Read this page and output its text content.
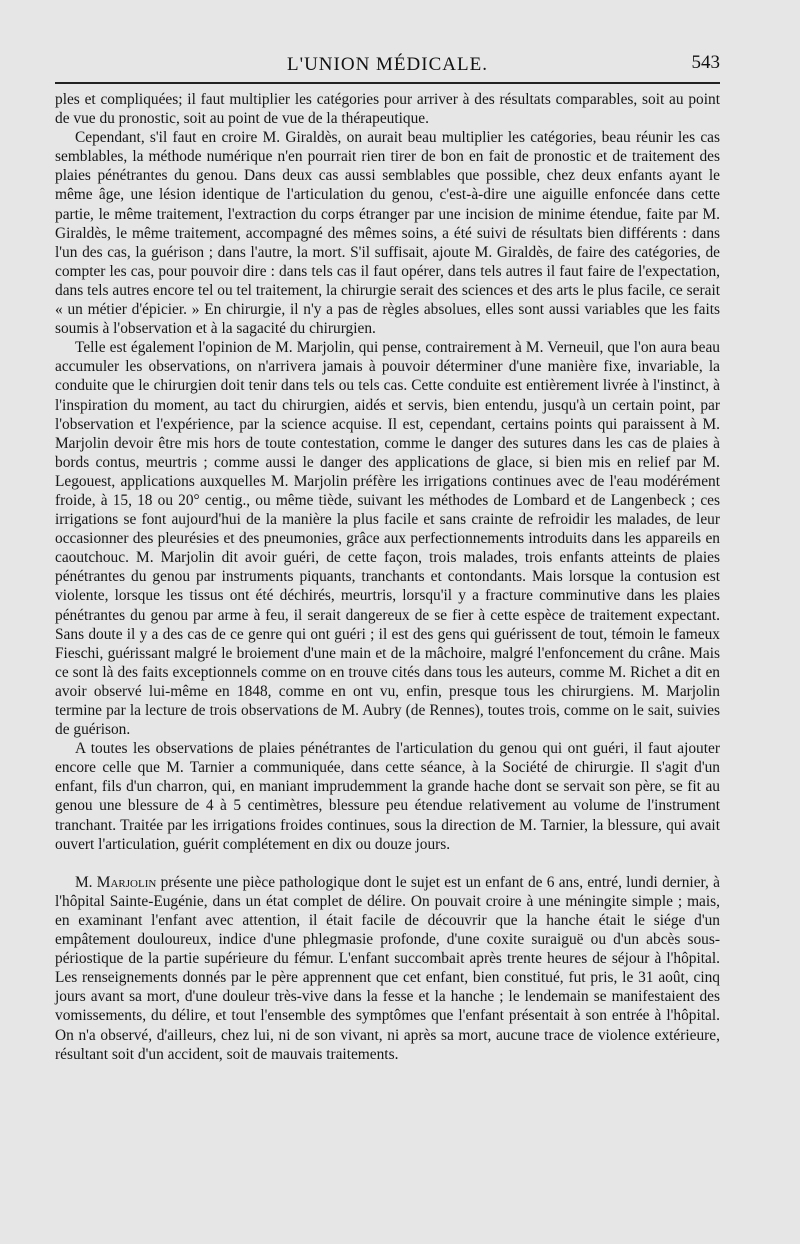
L'UNION MÉDICALE.	543

ples et compliquées; il faut multiplier les catégories pour arriver à des résultats comparables, soit au point de vue du pronostic, soit au point de vue de la thérapeutique.

Cependant, s'il faut en croire M. Giraldès, on aurait beau multiplier les catégories, beau réunir les cas semblables, la méthode numérique n'en pourrait rien tirer de bon en fait de pronostic et de traitement des plaies pénétrantes du genou. Dans deux cas aussi semblables que possible, chez deux enfants ayant le même âge, une lésion identique de l'articulation du genou, c'est-à-dire une aiguille enfoncée dans cette partie, le même traitement, l'extraction du corps étranger par une incision de minime étendue, faite par M. Giraldès, le même traitement, accompagné des mêmes soins, a été suivi de résultats bien différents : dans l'un des cas, la guérison ; dans l'autre, la mort. S'il suffisait, ajoute M. Giraldès, de faire des catégories, de compter les cas, pour pouvoir dire : dans tels cas il faut opérer, dans tels autres il faut faire de l'expectation, dans tels autres encore tel ou tel traitement, la chirurgie serait des sciences et des arts le plus facile, ce serait « un métier d'épicier. » En chirurgie, il n'y a pas de règles absolues, elles sont aussi variables que les faits soumis à l'observation et à la sagacité du chirurgien.

Telle est également l'opinion de M. Marjolin, qui pense, contrairement à M. Verneuil, que l'on aura beau accumuler les observations, on n'arrivera jamais à pouvoir déterminer d'une manière fixe, invariable, la conduite que le chirurgien doit tenir dans tels ou tels cas. Cette conduite est entièrement livrée à l'instinct, à l'inspiration du moment, au tact du chirurgien, aidés et servis, bien entendu, jusqu'à un certain point, par l'observation et l'expérience, par la science acquise. Il est, cependant, certains points qui paraissent à M. Marjolin devoir être mis hors de toute contestation, comme le danger des sutures dans les cas de plaies à bords contus, meurtris ; comme aussi le danger des applications de glace, si bien mis en relief par M. Legouest, applications auxquelles M. Marjolin préfère les irrigations continues avec de l'eau modérément froide, à 15, 18 ou 20° centig., ou même tiède, suivant les méthodes de Lombard et de Langenbeck ; ces irrigations se font aujourd'hui de la manière la plus facile et sans crainte de refroidir les malades, de leur occasionner des pleurésies et des pneumonies, grâce aux perfectionnements introduits dans les appareils en caoutchouc. M. Marjolin dit avoir guéri, de cette façon, trois malades, trois enfants atteints de plaies pénétrantes du genou par instruments piquants, tranchants et contondants. Mais lorsque la contusion est violente, lorsque les tissus ont été déchirés, meurtris, lorsqu'il y a fracture comminutive dans les plaies pénétrantes du genou par arme à feu, il serait dangereux de se fier à cette espèce de traitement expectant. Sans doute il y a des cas de ce genre qui ont guéri ; il est des gens qui guérissent de tout, témoin le fameux Fieschi, guérissant malgré le broiement d'une main et de la mâchoire, malgré l'enfoncement du crâne. Mais ce sont là des faits exceptionnels comme on en trouve cités dans tous les auteurs, comme M. Richet a dit en avoir observé lui-même en 1848, comme en ont vu, enfin, presque tous les chirurgiens. M. Marjolin termine par la lecture de trois observations de M. Aubry (de Rennes), toutes trois, comme on le sait, suivies de guérison.

A toutes les observations de plaies pénétrantes de l'articulation du genou qui ont guéri, il faut ajouter encore celle que M. Tarnier a communiquée, dans cette séance, à la Société de chirurgie. Il s'agit d'un enfant, fils d'un charron, qui, en maniant imprudemment la grande hache dont se servait son père, se fit au genou une blessure de 4 à 5 centimètres, blessure peu étendue relativement au volume de l'instrument tranchant. Traitée par les irrigations froides continues, sous la direction de M. Tarnier, la blessure, qui avait ouvert l'articulation, guérit complétement en dix ou douze jours.

M. Marjolin présente une pièce pathologique dont le sujet est un enfant de 6 ans, entré, lundi dernier, à l'hôpital Sainte-Eugénie, dans un état complet de délire. On pouvait croire à une méningite simple ; mais, en examinant l'enfant avec attention, il était facile de découvrir que la hanche était le siége d'un empâtement douloureux, indice d'une phlegmasie profonde, d'une coxite suraiguë ou d'un abcès sous-périostique de la partie supérieure du fémur. L'enfant succombait après trente heures de séjour à l'hôpital. Les renseignements donnés par le père apprennent que cet enfant, bien constitué, fut pris, le 31 août, cinq jours avant sa mort, d'une douleur très-vive dans la fesse et la hanche ; le lendemain se manifestaient des vomissements, du délire, et tout l'ensemble des symptômes que l'enfant présentait à son entrée à l'hôpital. On n'a observé, d'ailleurs, chez lui, ni de son vivant, ni après sa mort, aucune trace de violence extérieure, résultant soit d'un accident, soit de mauvais traitements.
